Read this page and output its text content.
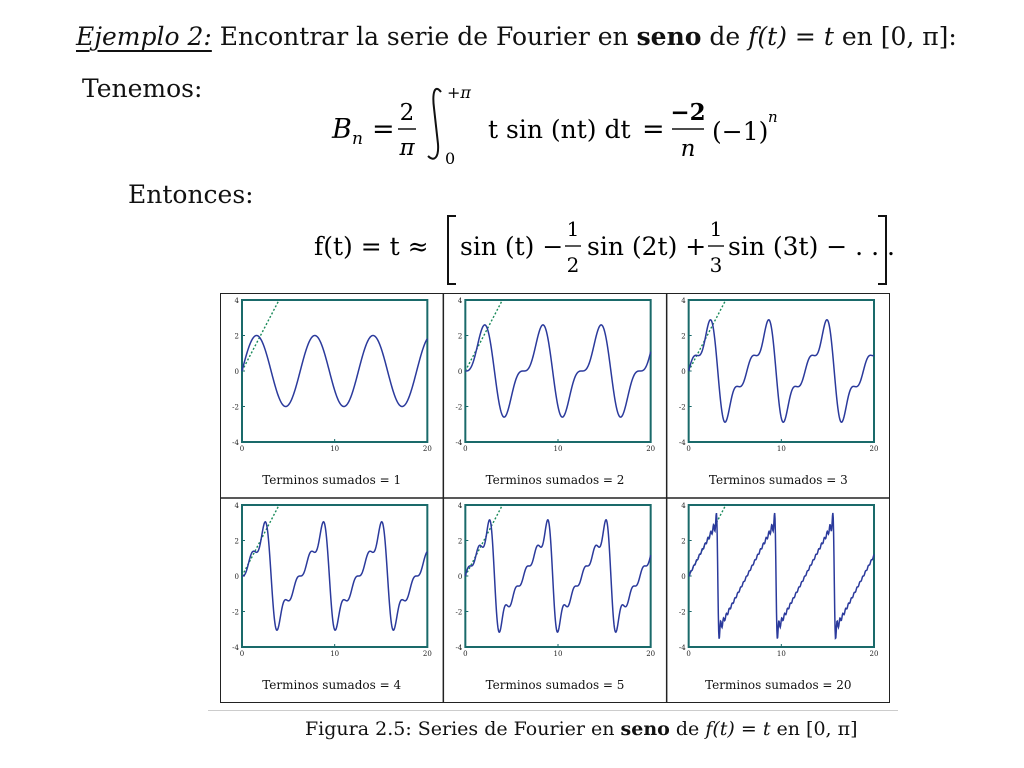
Ejemplo 2: Encontrar la serie de Fourier en seno de f(t) = t en [0, π]:
Tenemos:
B n =
2
π
+π
0
t sin (nt) dt =
−2
n
(−1) n
Entonces:
f(t) = t ≈ sin (t) −
1
2
sin (2t) +
1
3
sin (3t) − . . .
4
2
0
-2
-4
0	10	20
Terminos sumados = 1
4
2
0
-2
-4
0	10	20
Terminos sumados = 2
4
2
0
-2
-4
0	10	20
Terminos sumados = 3
4
2
0
-2
-4
0	10	20
Terminos sumados = 4
4
2
0
-2
-4
0	10	20
Terminos sumados = 5
4
2
0
-2
-4
0	10	20
Terminos sumados = 20
Figura 2.5: Series de Fourier en seno de f(t) = t en [0, π]
